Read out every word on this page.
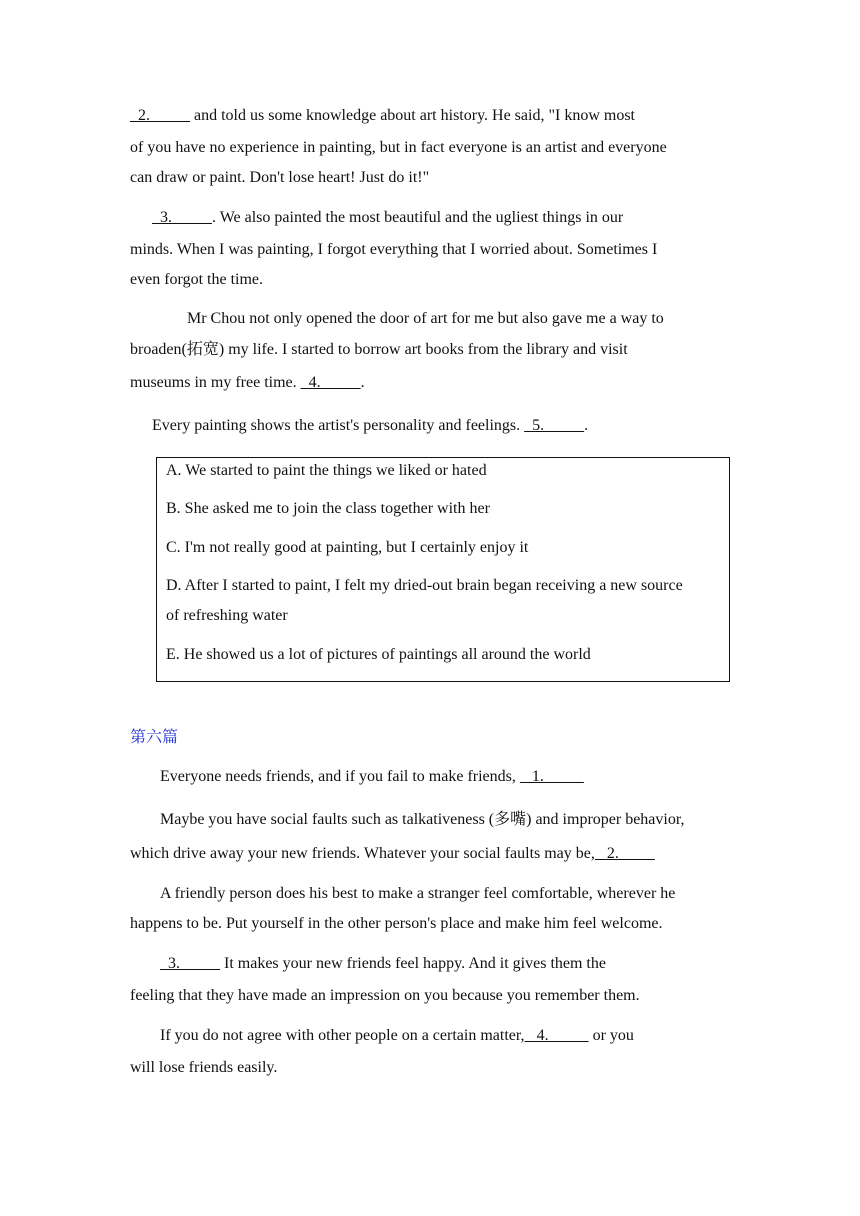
2.           and told us some knowledge about art history. He said, "I know most
of you have no experience in painting, but in fact everyone is an artist and everyone
can draw or paint. Don't lose heart! Just do it!"
3.          . We also painted the most beautiful and the ugliest things in our
minds. When I was painting, I forgot everything that I worried about. Sometimes I
even forgot the time.
Mr Chou not only opened the door of art for me but also gave me a way to
broaden(拓宽) my life. I started to borrow art books from the library and visit
museums in my free time.   4.          .
Every painting shows the artist's personality and feelings.   5.          .
A. We started to paint the things we liked or hated
B. She asked me to join the class together with her
C. I'm not really good at painting, but I certainly enjoy it
D. After I started to paint, I felt my dried-out brain began receiving a new source
of refreshing water
E. He showed us a lot of pictures of paintings all around the world
第六篇
Everyone needs friends, and if you fail to make friends,    1.
Maybe you have social faults such as talkativeness (多嘴) and improper behavior,
which drive away your new friends. Whatever your social faults may be,   2.
A friendly person does his best to make a stranger feel comfortable, wherever he
happens to be. Put yourself in the other person's place and make him feel welcome.
3.           It makes your new friends feel happy. And it gives them the
feeling that they have made an impression on you because you remember them.
If you do not agree with other people on a certain matter,   4.           or you
will lose friends easily.
